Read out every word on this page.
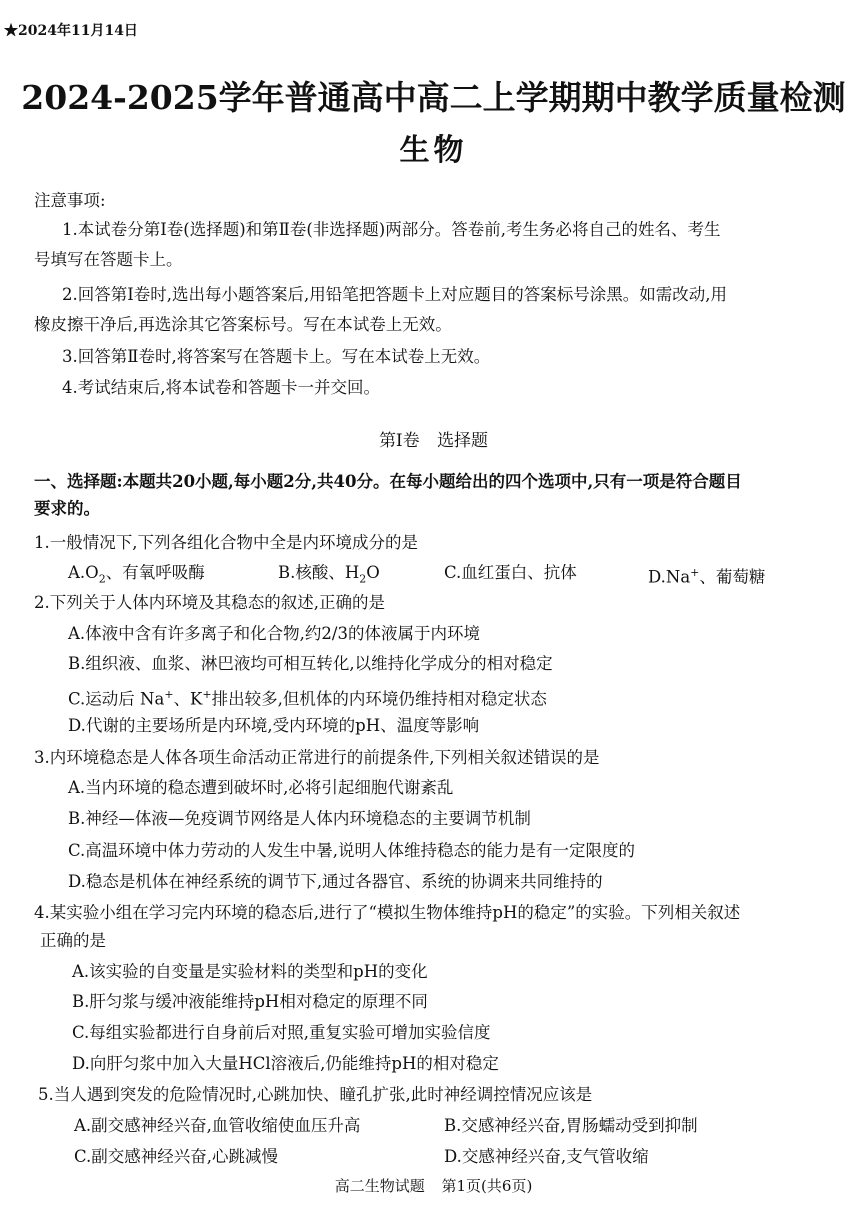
★2024年11月14日
2024-2025学年普通高中高二上学期期中教学质量检测
生物
注意事项:
1.本试卷分第Ⅰ卷(选择题)和第Ⅱ卷(非选择题)两部分。答卷前,考生务必将自己的姓名、考生
号填写在答题卡上。
2.回答第Ⅰ卷时,选出每小题答案后,用铅笔把答题卡上对应题目的答案标号涂黑。如需改动,用
橡皮擦干净后,再选涂其它答案标号。写在本试卷上无效。
3.回答第Ⅱ卷时,将答案写在答题卡上。写在本试卷上无效。
4.考试结束后,将本试卷和答题卡一并交回。
第Ⅰ卷 选择题
一、选择题:本题共20小题,每小题2分,共40分。在每小题给出的四个选项中,只有一项是符合题目
要求的。
1.一般情况下,下列各组化合物中全是内环境成分的是
$A.O_2$、有氧呼吸酶	B.核酸、$H_2O$	C.血红蛋白、抗体	D.Na+、葡萄糖
2.下列关于人体内环境及其稳态的叙述,正确的是
A.体液中含有许多离子和化合物,约2/3的体液属于内环境
B.组织液、血浆、淋巴液均可相互转化,以维持化学成分的相对稳定
C.运动后 Na+、K+排出较多,但机体的内环境仍维持相对稳定状态
D.代谢的主要场所是内环境,受内环境的pH、温度等影响
3.内环境稳态是人体各项生命活动正常进行的前提条件,下列相关叙述错误的是
A.当内环境的稳态遭到破坏时,必将引起细胞代谢紊乱
B.神经—体液—免疫调节网络是人体内环境稳态的主要调节机制
C.高温环境中体力劳动的人发生中暑,说明人体维持稳态的能力是有一定限度的
D.稳态是机体在神经系统的调节下,通过各器官、系统的协调来共同维持的
4.某实验小组在学习完内环境的稳态后,进行了“模拟生物体维持pH的稳定”的实验。下列相关叙述
正确的是
A.该实验的自变量是实验材料的类型和pH的变化
B.肝匀浆与缓冲液能维持pH相对稳定的原理不同
C.每组实验都进行自身前后对照,重复实验可增加实验信度
D.向肝匀浆中加入大量HCl溶液后,仍能维持pH的相对稳定
5.当人遇到突发的危险情况时,心跳加快、瞳孔扩张,此时神经调控情况应该是
A.副交感神经兴奋,血管收缩使血压升高	B.交感神经兴奋,胃肠蠕动受到抑制
C.副交感神经兴奋,心跳减慢	D.交感神经兴奋,支气管收缩
高二生物试题 第1页(共6页)
